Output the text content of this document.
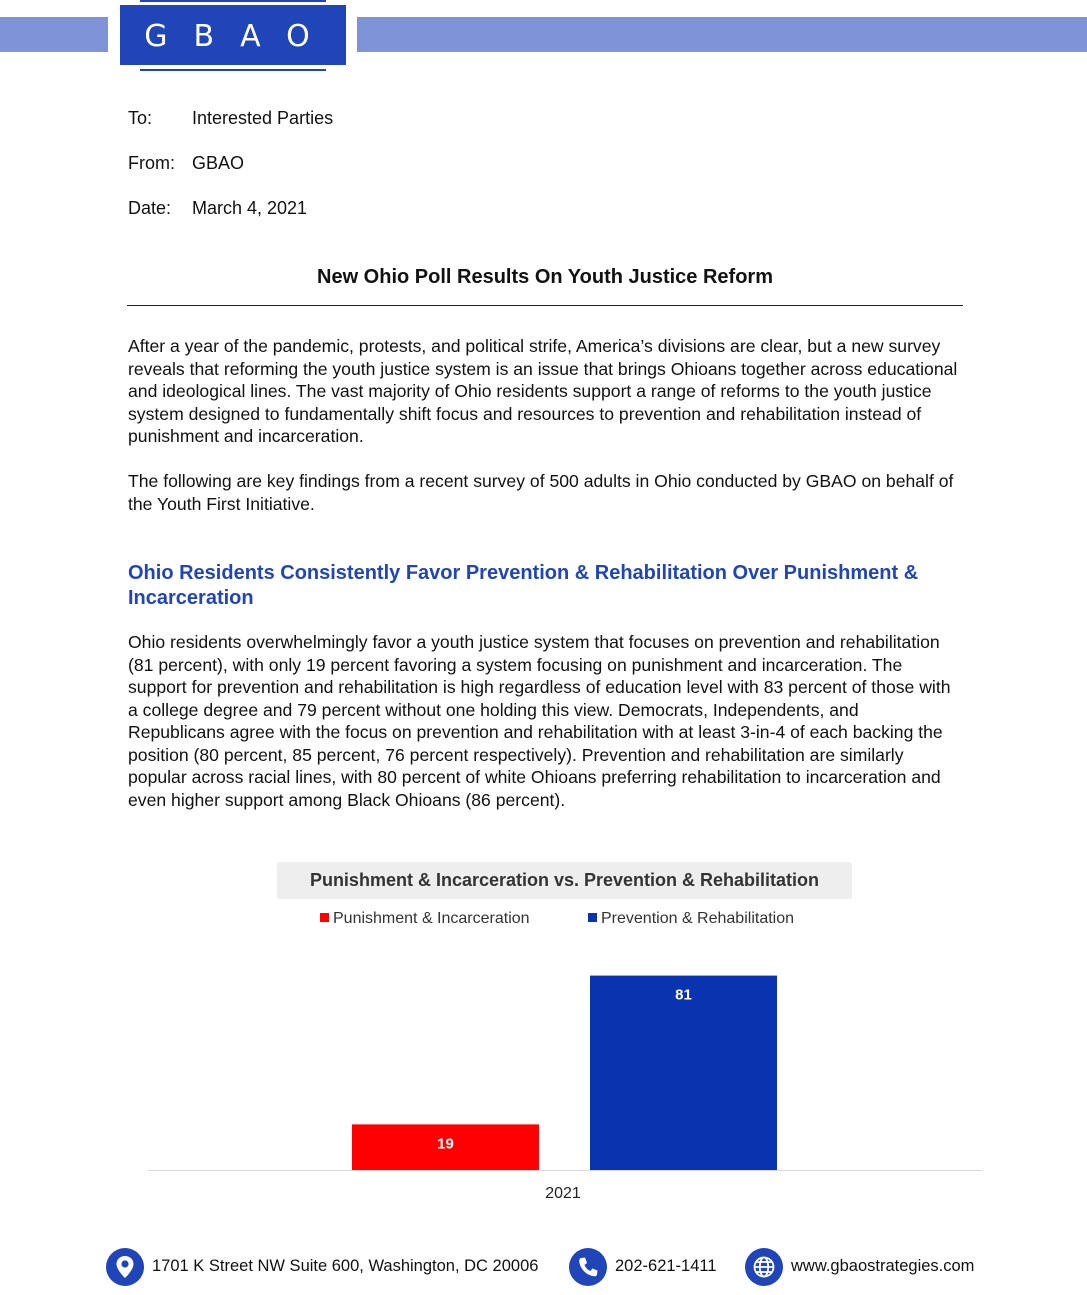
GBAO
To: Interested Parties
From: GBAO
Date: March 4, 2021
New Ohio Poll Results On Youth Justice Reform

After a year of the pandemic, protests, and political strife, America’s divisions are clear, but a new survey reveals that reforming the youth justice system is an issue that brings Ohioans together across educational and ideological lines. The vast majority of Ohio residents support a range of reforms to the youth justice system designed to fundamentally shift focus and resources to prevention and rehabilitation instead of punishment and incarceration.

The following are key findings from a recent survey of 500 adults in Ohio conducted by GBAO on behalf of the Youth First Initiative.

Ohio Residents Consistently Favor Prevention & Rehabilitation Over Punishment & Incarceration

Ohio residents overwhelmingly favor a youth justice system that focuses on prevention and rehabilitation (81 percent), with only 19 percent favoring a system focusing on punishment and incarceration. The support for prevention and rehabilitation is high regardless of education level with 83 percent of those with a college degree and 79 percent without one holding this view. Democrats, Independents, and Republicans agree with the focus on prevention and rehabilitation with at least 3-in-4 of each backing the position (80 percent, 85 percent, 76 percent respectively). Prevention and rehabilitation are similarly popular across racial lines, with 80 percent of white Ohioans preferring rehabilitation to incarceration and even higher support among Black Ohioans (86 percent).

Punishment & Incarceration vs. Prevention & Rehabilitation
Punishment & Incarceration	Prevention & Rehabilitation
19
81
2021
1701 K Street NW Suite 600, Washington, DC 20006	202-621-1411	www.gbaostrategies.com
